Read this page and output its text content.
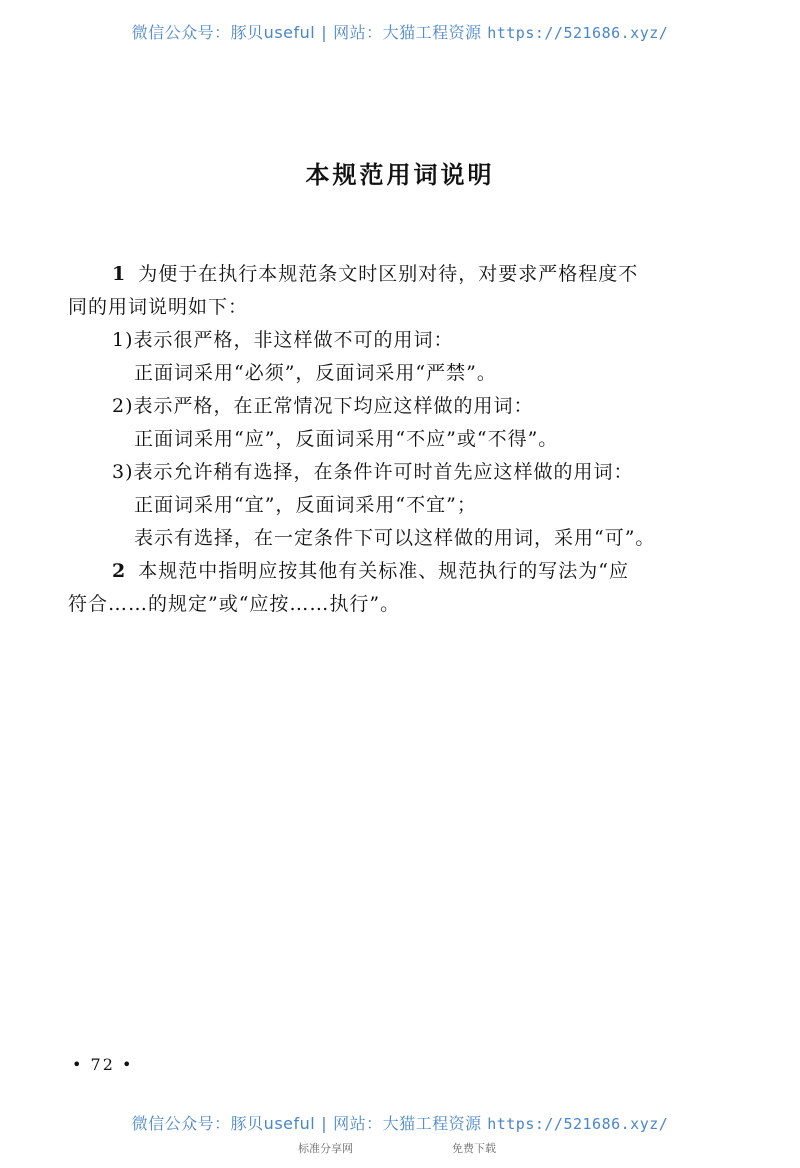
微信公众号：豚贝useful | 网站：大猫工程资源 https://521686.xyz/
本规范用词说明

1 为便于在执行本规范条文时区别对待，对要求严格程度不

同的用词说明如下：

1)表示很严格，非这样做不可的用词：

正面词采用“必须”，反面词采用“严禁”。

2)表示严格，在正常情况下均应这样做的用词：

正面词采用“应”，反面词采用“不应”或“不得”。

3)表示允许稍有选择，在条件许可时首先应这样做的用词：

正面词采用“宜”，反面词采用“不宜”；

表示有选择，在一定条件下可以这样做的用词，采用“可”。

2 本规范中指明应按其他有关标准、规范执行的写法为“应

符合……的规定”或“应按……执行”。

• 72 •
微信公众号：豚贝useful | 网站：大猫工程资源 https://521686.xyz/
标准分享网	免费下载
